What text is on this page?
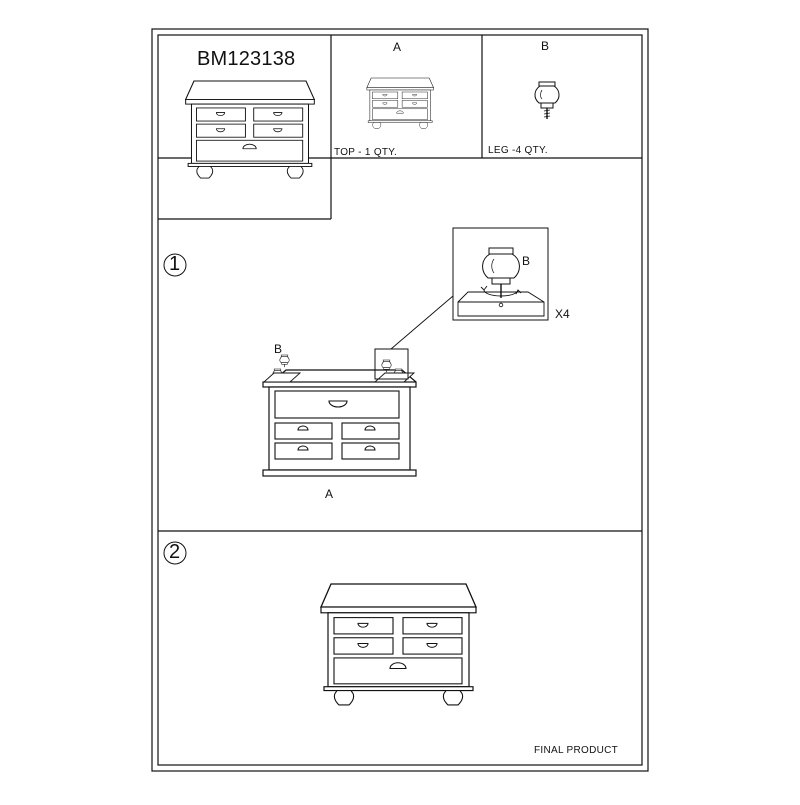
BM123138
A
TOP - 1 QTY.
B
LEG -4 QTY.
1
B
B
X4
A
2
FINAL PRODUCT
